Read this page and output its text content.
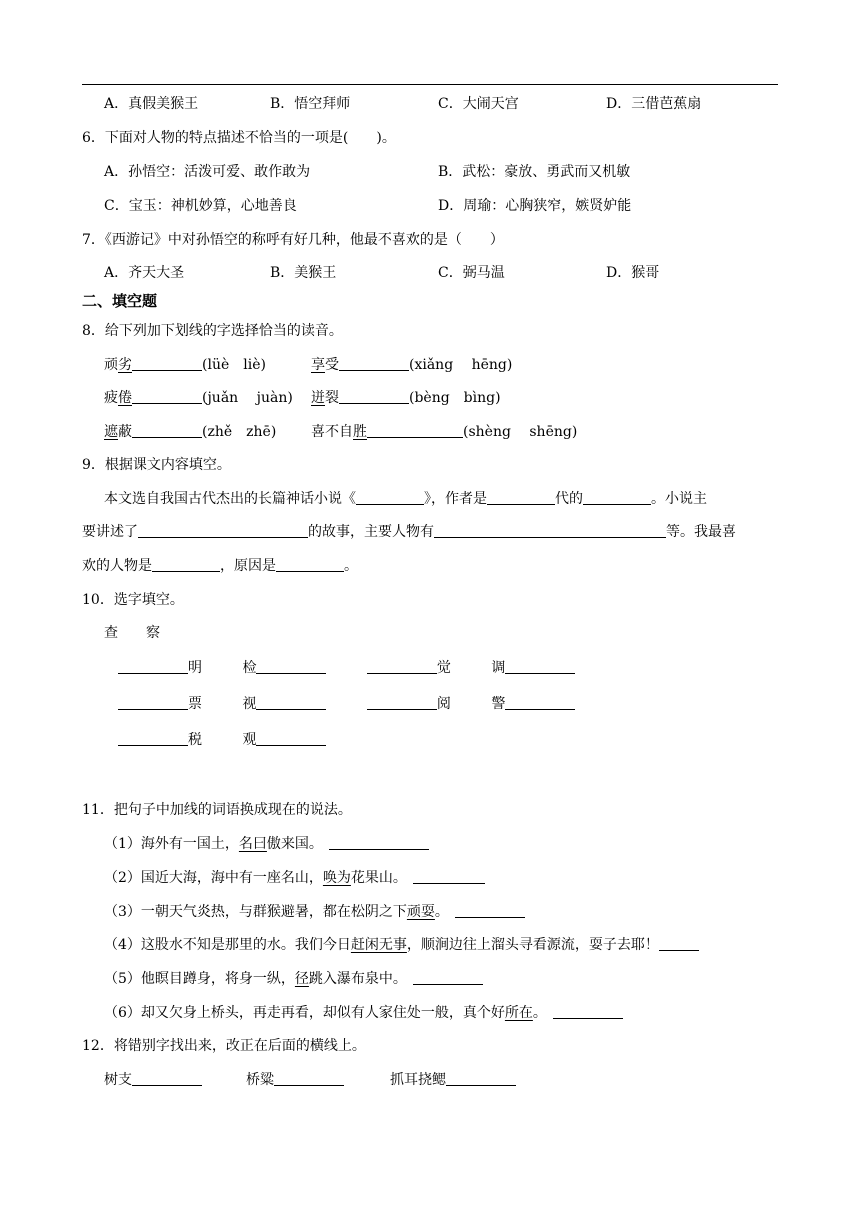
A．真假美猴王	B．悟空拜师	C．大闹天宫	D．三借芭蕉扇
6．下面对人物的特点描述不恰当的一项是(　　)。
A．孙悟空：活泼可爱、敢作敢为	B．武松：豪放、勇武而又机敏
C．宝玉：神机妙算，心地善良	D．周瑜：心胸狭窄，嫉贤妒能
7．《西游记》中对孙悟空的称呼有好几种，他最不喜欢的是（　　）
A．齐天大圣	B．美猴王	C．弼马温	D．猴哥
二、填空题
8．给下列加下划线的字选择恰当的读音。
顽劣	(lüè　liè)	享受	(xiǎng　 hēng)
疲倦	(juǎn　 juàn) 迸裂	(bèng　bìng)
遮蔽	(zhě　zhē) 喜不自胜	(shèng　 shēng)
9．根据课文内容填空。
本文选自我国古代杰出的长篇神话小说《	》，作者是	代的	。小说主
要讲述了	的故事，主要人物有	等。我最喜
欢的人物是	，原因是	。
10．选字填空。
查　　察
明	检	觉	调
票	视	阅	警
税	观
11．把句子中加线的词语换成现在的说法。
（1）海外有一国土，名曰傲来国。
（2）国近大海，海中有一座名山，唤为花果山。
（3）一朝天气炎热，与群猴避暑，都在松阴之下顽耍。
（4）这股水不知是那里的水。我们今日赶闲无事，顺涧边往上溜头寻看源流，耍子去耶！
（5）他瞑目蹲身，将身一纵，径跳入瀑布泉中。
（6）却又欠身上桥头，再走再看，却似有人家住处一般，真个好所在。
12．将错别字找出来，改正在后面的横线上。
树支	桥粱	抓耳挠鳃
